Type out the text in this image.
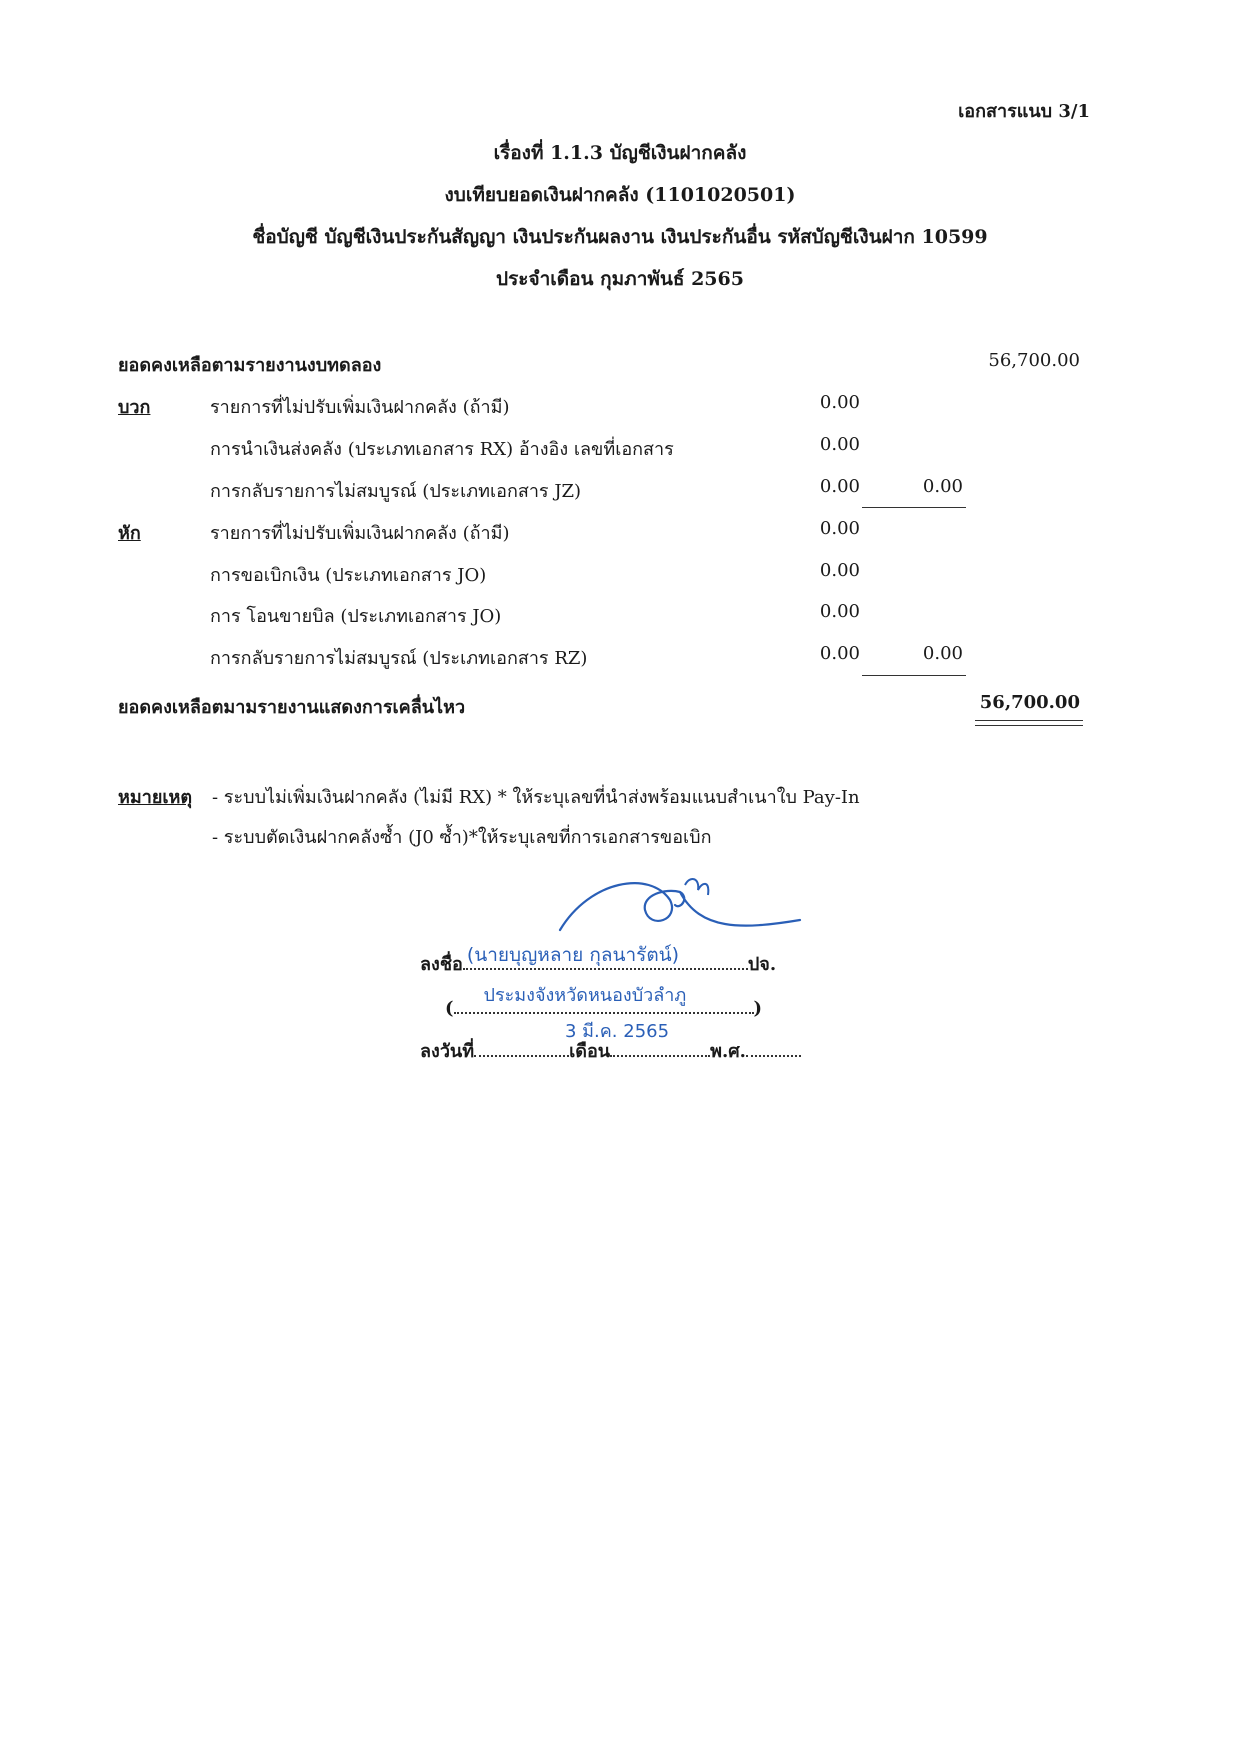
เอกสารแนบ 3/1
เรื่องที่ 1.1.3 บัญชีเงินฝากคลัง
งบเทียบยอดเงินฝากคลัง (1101020501)
ชื่อบัญชี บัญชีเงินประกันสัญญา เงินประกันผลงาน เงินประกันอื่น รหัสบัญชีเงินฝาก 10599
ประจำเดือน กุมภาพันธ์ 2565
ยอดคงเหลือตามรายงานงบทดลอง	56,700.00
บวก	รายการที่ไม่ปรับเพิ่มเงินฝากคลัง (ถ้ามี)	0.00
การนำเงินส่งคลัง (ประเภทเอกสาร RX) อ้างอิง เลขที่เอกสาร	0.00
การกลับรายการไม่สมบูรณ์ (ประเภทเอกสาร JZ)	0.00	0.00
หัก	รายการที่ไม่ปรับเพิ่มเงินฝากคลัง (ถ้ามี)	0.00
การขอเบิกเงิน (ประเภทเอกสาร JO)	0.00
การ โอนขายบิล (ประเภทเอกสาร JO)	0.00
การกลับรายการไม่สมบูรณ์ (ประเภทเอกสาร RZ)	0.00	0.00
ยอดคงเหลือตมามรายงานแสดงการเคลื่นไหว	56,700.00
หมายเหตุ - ระบบไม่เพิ่มเงินฝากคลัง (ไม่มี RX) * ให้ระบุเลขที่นำส่งพร้อมแนบสำเนาใบ Pay-In
- ระบบตัดเงินฝากคลังซ้ำ (J0 ซ้ำ)*ให้ระบุเลขที่การเอกสารขอเบิก
ลงชื่อ (นายบุญหลาย กุลนารัตน์)	ปจ.
(
ประมงจังหวัดหนองบัวลำภู
)
3 มี.ค. 2565
ลงวันที่	เดือน	พ.ศ.
